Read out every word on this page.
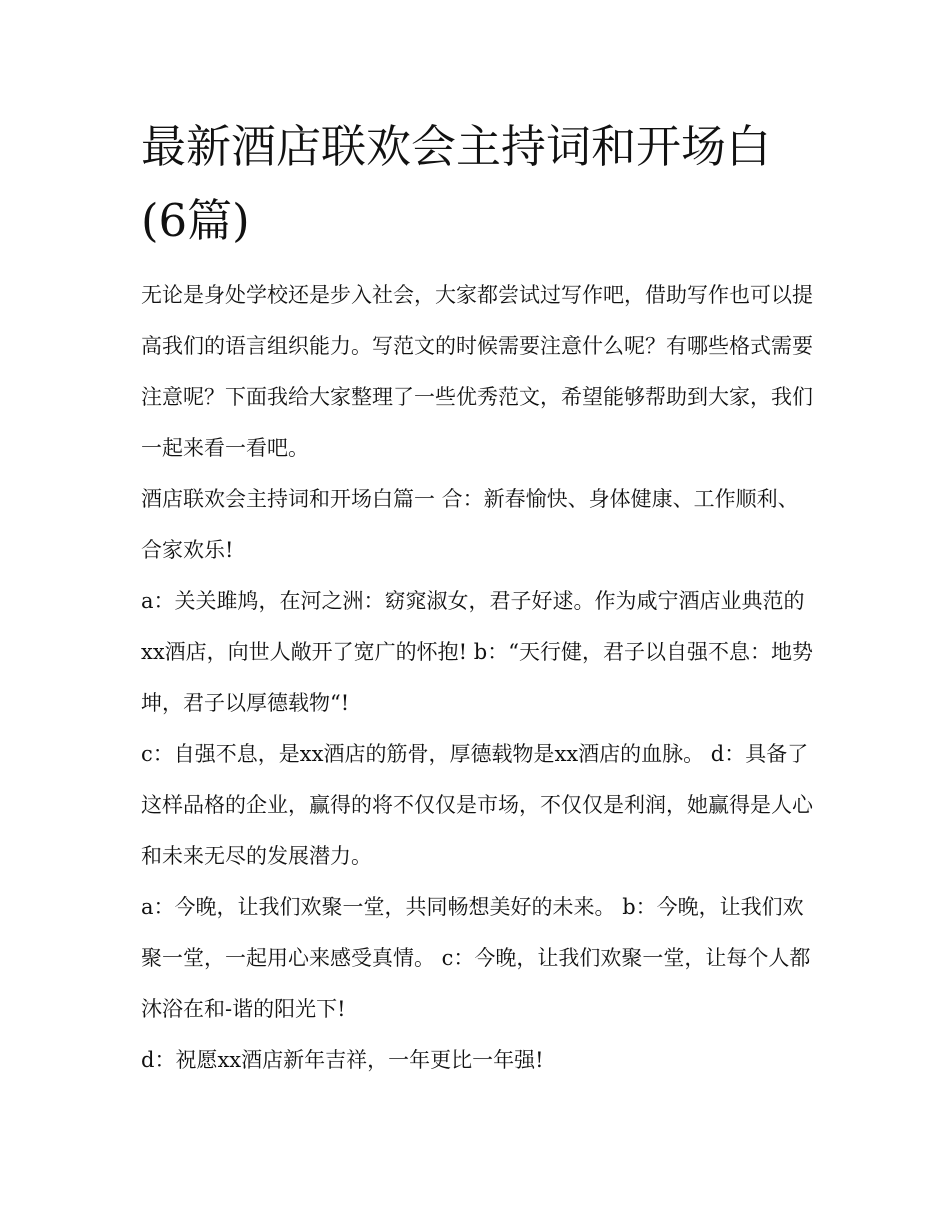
最新酒店联欢会主持词和开场白(6篇)

无论是身处学校还是步入社会，大家都尝试过写作吧，借助写作也可以提高我们的语言组织能力。写范文的时候需要注意什么呢？有哪些格式需要注意呢？下面我给大家整理了一些优秀范文，希望能够帮助到大家，我们一起来看一看吧。

酒店联欢会主持词和开场白篇一 合：新春愉快、身体健康、工作顺利、合家欢乐!

a：关关雎鸠，在河之洲：窈窕淑女，君子好逑。作为咸宁酒店业典范的xx酒店，向世人敞开了宽广的怀抱! b：“天行健，君子以自强不息：地势坤，君子以厚德载物“!

c：自强不息，是xx酒店的筋骨，厚德载物是xx酒店的血脉。 d：具备了这样品格的企业，赢得的将不仅仅是市场，不仅仅是利润，她赢得是人心和未来无尽的发展潜力。

a：今晚，让我们欢聚一堂，共同畅想美好的未来。 b：今晚，让我们欢聚一堂，一起用心来感受真情。 c：今晚，让我们欢聚一堂，让每个人都沐浴在和-谐的阳光下!

d：祝愿xx酒店新年吉祥，一年更比一年强!
